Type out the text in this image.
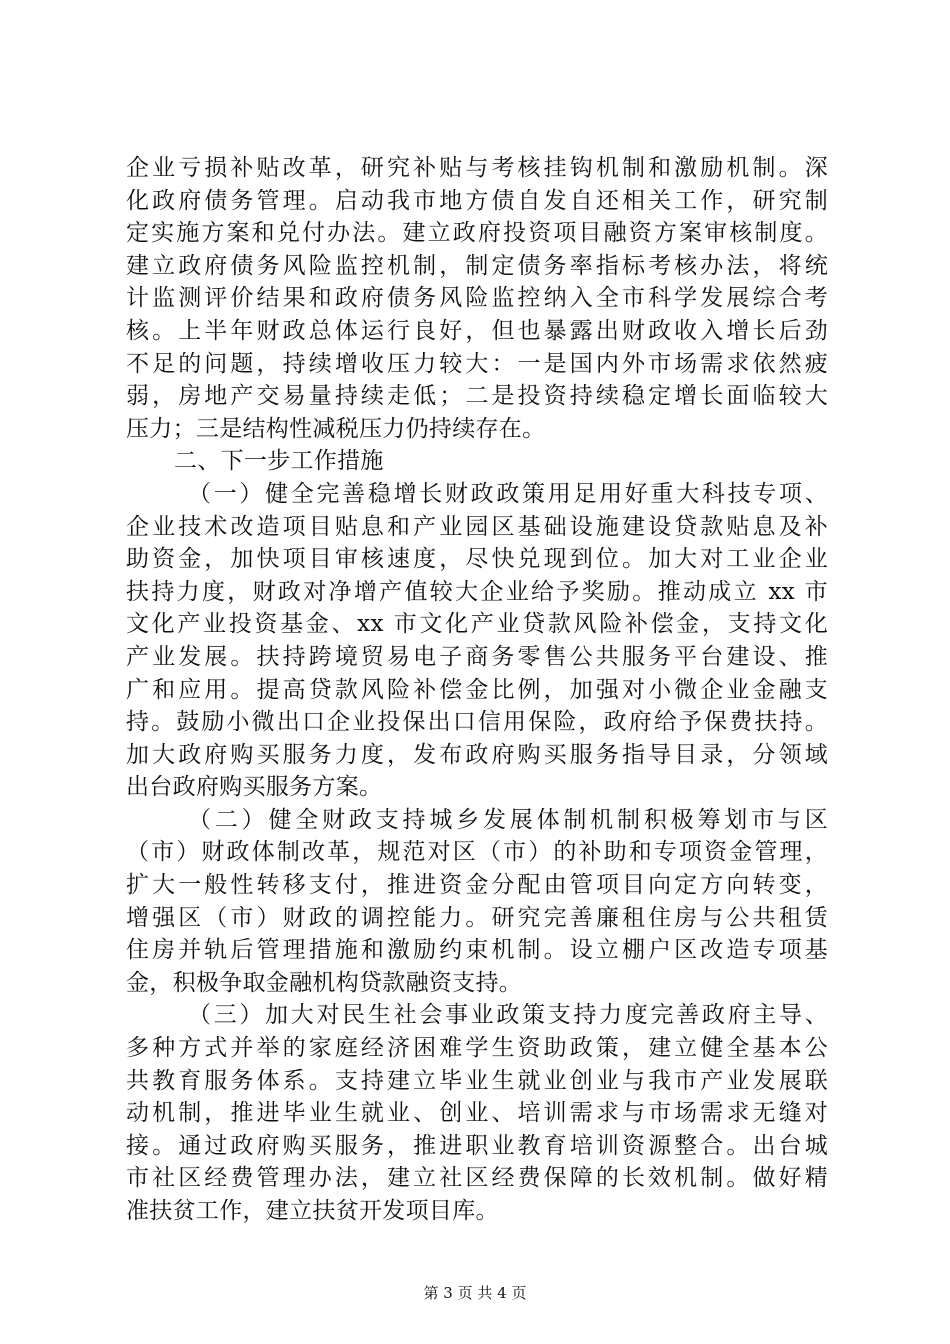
企业亏损补贴改革，研究补贴与考核挂钩机制和激励机制。深
化政府债务管理。启动我市地方债自发自还相关工作，研究制
定实施方案和兑付办法。建立政府投资项目融资方案审核制度。
建立政府债务风险监控机制，制定债务率指标考核办法，将统
计监测评价结果和政府债务风险监控纳入全市科学发展综合考
核。上半年财政总体运行良好，但也暴露出财政收入增长后劲
不足的问题，持续增收压力较大：一是国内外市场需求依然疲
弱，房地产交易量持续走低；二是投资持续稳定增长面临较大
压力；三是结构性减税压力仍持续存在。
二、下一步工作措施
（一）健全完善稳增长财政政策用足用好重大科技专项、
企业技术改造项目贴息和产业园区基础设施建设贷款贴息及补
助资金，加快项目审核速度，尽快兑现到位。加大对工业企业
扶持力度，财政对净增产值较大企业给予奖励。推动成立 xx 市
文化产业投资基金、xx 市文化产业贷款风险补偿金，支持文化
产业发展。扶持跨境贸易电子商务零售公共服务平台建设、推
广和应用。提高贷款风险补偿金比例，加强对小微企业金融支
持。鼓励小微出口企业投保出口信用保险，政府给予保费扶持。
加大政府购买服务力度，发布政府购买服务指导目录，分领域
出台政府购买服务方案。
（二）健全财政支持城乡发展体制机制积极筹划市与区
（市）财政体制改革，规范对区（市）的补助和专项资金管理，
扩大一般性转移支付，推进资金分配由管项目向定方向转变，
增强区（市）财政的调控能力。研究完善廉租住房与公共租赁
住房并轨后管理措施和激励约束机制。设立棚户区改造专项基
金，积极争取金融机构贷款融资支持。
（三）加大对民生社会事业政策支持力度完善政府主导、
多种方式并举的家庭经济困难学生资助政策，建立健全基本公
共教育服务体系。支持建立毕业生就业创业与我市产业发展联
动机制，推进毕业生就业、创业、培训需求与市场需求无缝对
接。通过政府购买服务，推进职业教育培训资源整合。出台城
市社区经费管理办法，建立社区经费保障的长效机制。做好精
准扶贫工作，建立扶贫开发项目库。
第 3 页 共 4 页
